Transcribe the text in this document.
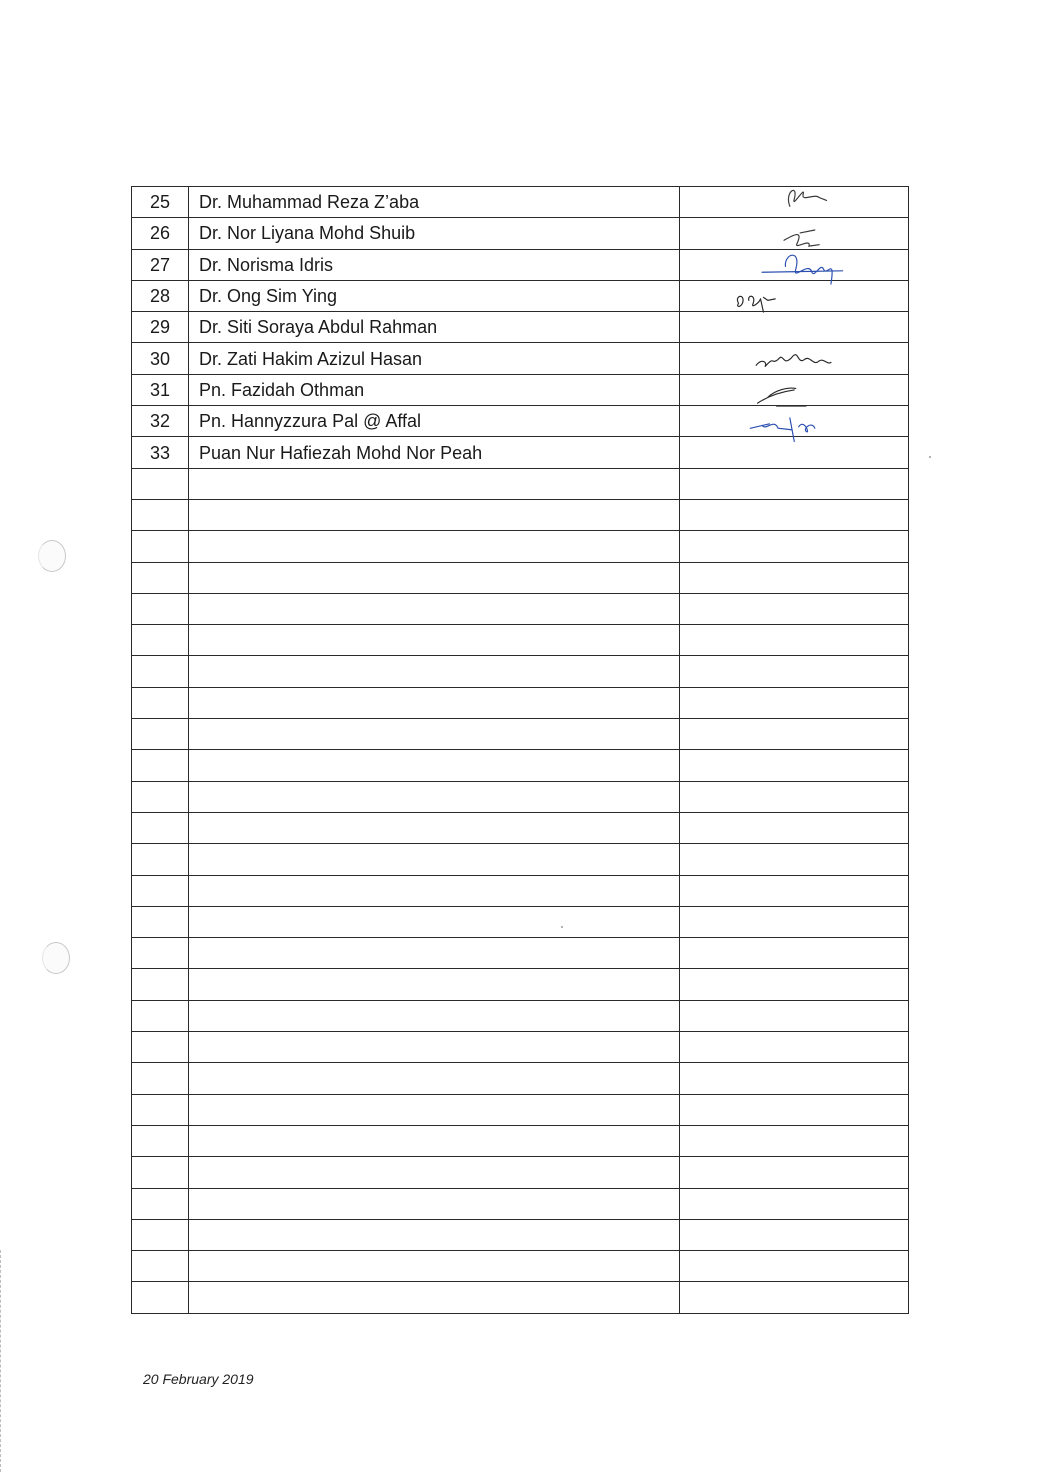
25	Dr. Muhammad Reza Z’aba	

26	Dr. Nor Liyana Mohd Shuib	

27	Dr. Norisma Idris	

28	Dr. Ong Sim Ying	

29	Dr. Siti Soraya Abdul Rahman	
30	Dr. Zati Hakim Azizul Hasan	

31	Pn. Fazidah Othman	

32	Pn. Hannyzzura Pal @ Affal	

33	Puan Nur Hafiezah Mohd Nor Peah	

20 February 2019
